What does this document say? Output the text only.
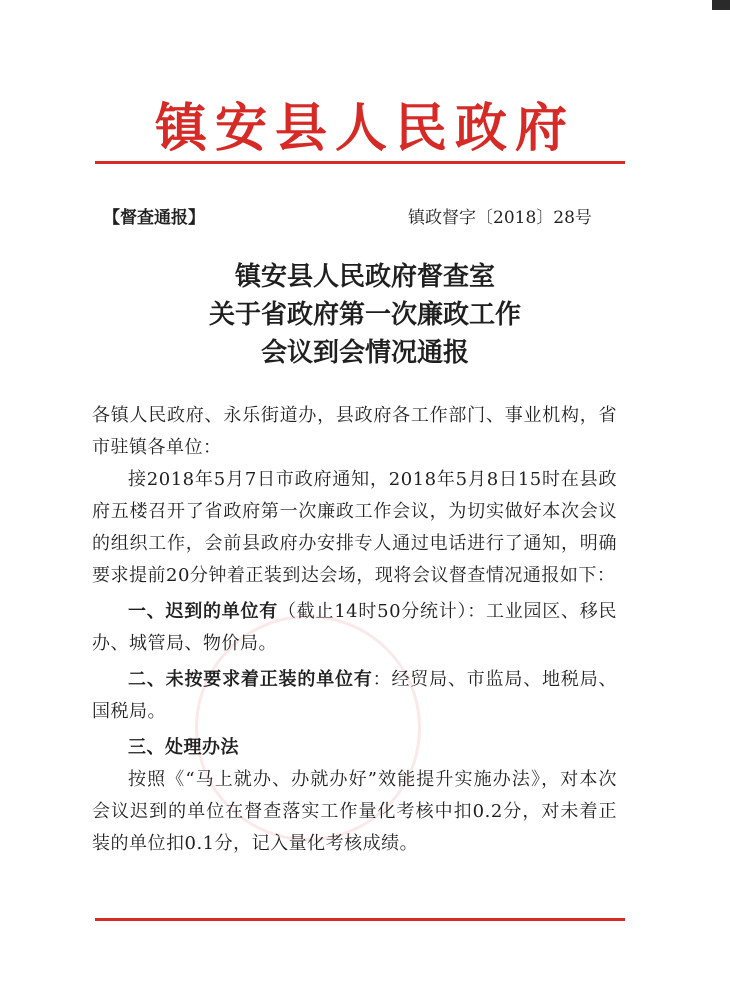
镇安县人民政府
【督查通报】	镇政督字〔2018〕28号
镇安县人民政府督查室
关于省政府第一次廉政工作
会议到会情况通报

各镇人民政府、永乐街道办，县政府各工作部门、事业机构，省市驻镇各单位：

接2018年5月7日市政府通知，2018年5月8日15时在县政府五楼召开了省政府第一次廉政工作会议，为切实做好本次会议的组织工作，会前县政府办安排专人通过电话进行了通知，明确要求提前20分钟着正装到达会场，现将会议督查情况通报如下：

一、迟到的单位有（截止14时50分统计）：工业园区、移民办、城管局、物价局。

二、未按要求着正装的单位有：经贸局、市监局、地税局、国税局。

三、处理办法

按照《“马上就办、办就办好”效能提升实施办法》，对本次会议迟到的单位在督查落实工作量化考核中扣0.2分，对未着正装的单位扣0.1分，记入量化考核成绩。
